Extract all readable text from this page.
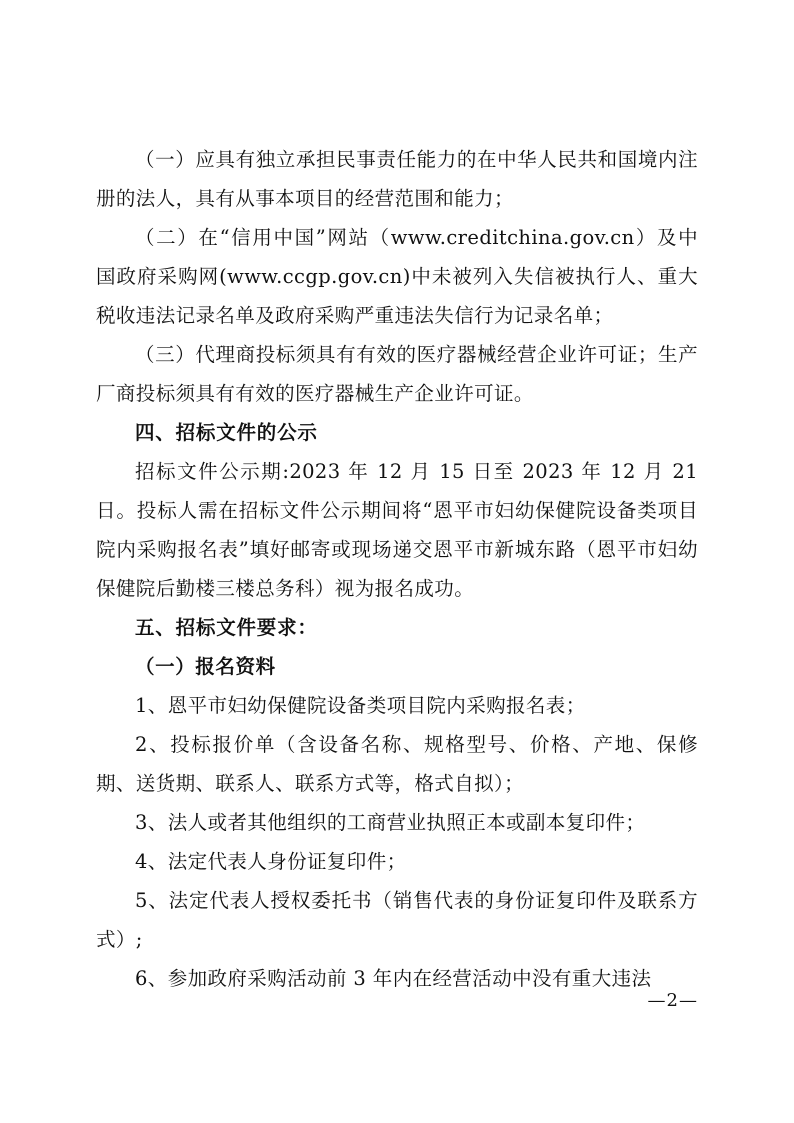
（一）应具有独立承担民事责任能力的在中华人民共和国境内注册的法人，具有从事本项目的经营范围和能力；

（二）在“信用中国”网站（www.creditchina.gov.cn）及中国政府采购网(www.ccgp.gov.cn)中未被列入失信被执行人、重大税收违法记录名单及政府采购严重违法失信行为记录名单；

（三）代理商投标须具有有效的医疗器械经营企业许可证；生产厂商投标须具有有效的医疗器械生产企业许可证。

四、招标文件的公示

招标文件公示期:2023 年 12 月 15 日至 2023 年 12 月 21 日。投标人需在招标文件公示期间将“恩平市妇幼保健院设备类项目院内采购报名表”填好邮寄或现场递交恩平市新城东路（恩平市妇幼保健院后勤楼三楼总务科）视为报名成功。

五、招标文件要求：

（一）报名资料

1、恩平市妇幼保健院设备类项目院内采购报名表；

2、投标报价单（含设备名称、规格型号、价格、产地、保修期、送货期、联系人、联系方式等，格式自拟）；

3、法人或者其他组织的工商营业执照正本或副本复印件；

4、法定代表人身份证复印件；

5、法定代表人授权委托书（销售代表的身份证复印件及联系方式）;

6、参加政府采购活动前 3 年内在经营活动中没有重大违法

—2—
